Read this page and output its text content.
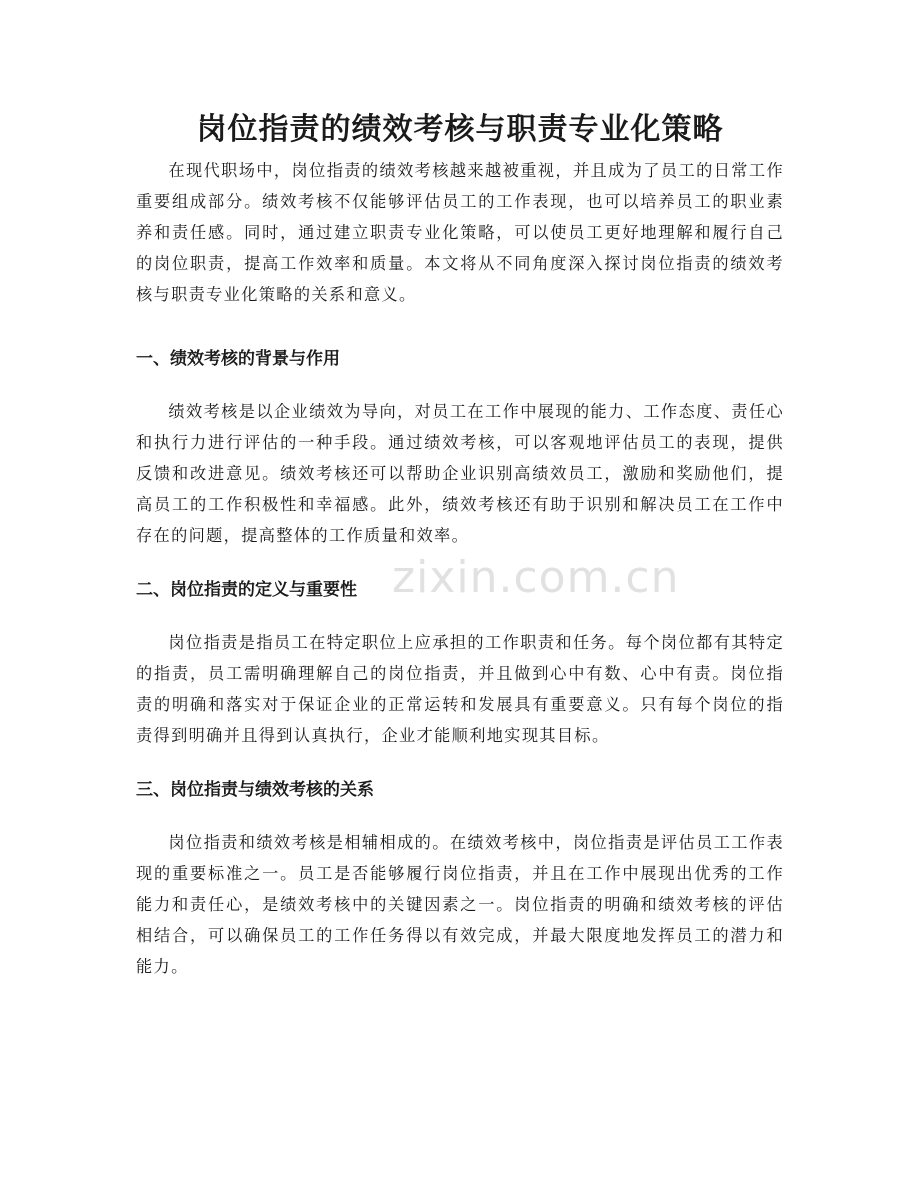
岗位指责的绩效考核与职责专业化策略

在现代职场中，岗位指责的绩效考核越来越被重视，并且成为了员工的日常工作重要组成部分。绩效考核不仅能够评估员工的工作表现，也可以培养员工的职业素养和责任感。同时，通过建立职责专业化策略，可以使员工更好地理解和履行自己的岗位职责，提高工作效率和质量。本文将从不同角度深入探讨岗位指责的绩效考核与职责专业化策略的关系和意义。

一、绩效考核的背景与作用

绩效考核是以企业绩效为导向，对员工在工作中展现的能力、工作态度、责任心和执行力进行评估的一种手段。通过绩效考核，可以客观地评估员工的表现，提供反馈和改进意见。绩效考核还可以帮助企业识别高绩效员工，激励和奖励他们，提高员工的工作积极性和幸福感。此外，绩效考核还有助于识别和解决员工在工作中存在的问题，提高整体的工作质量和效率。

二、岗位指责的定义与重要性

岗位指责是指员工在特定职位上应承担的工作职责和任务。每个岗位都有其特定的指责，员工需明确理解自己的岗位指责，并且做到心中有数、心中有责。岗位指责的明确和落实对于保证企业的正常运转和发展具有重要意义。只有每个岗位的指责得到明确并且得到认真执行，企业才能顺利地实现其目标。

三、岗位指责与绩效考核的关系

岗位指责和绩效考核是相辅相成的。在绩效考核中，岗位指责是评估员工工作表现的重要标准之一。员工是否能够履行岗位指责，并且在工作中展现出优秀的工作能力和责任心，是绩效考核中的关键因素之一。岗位指责的明确和绩效考核的评估相结合，可以确保员工的工作任务得以有效完成，并最大限度地发挥员工的潜力和能力。

zixin.com.cn
